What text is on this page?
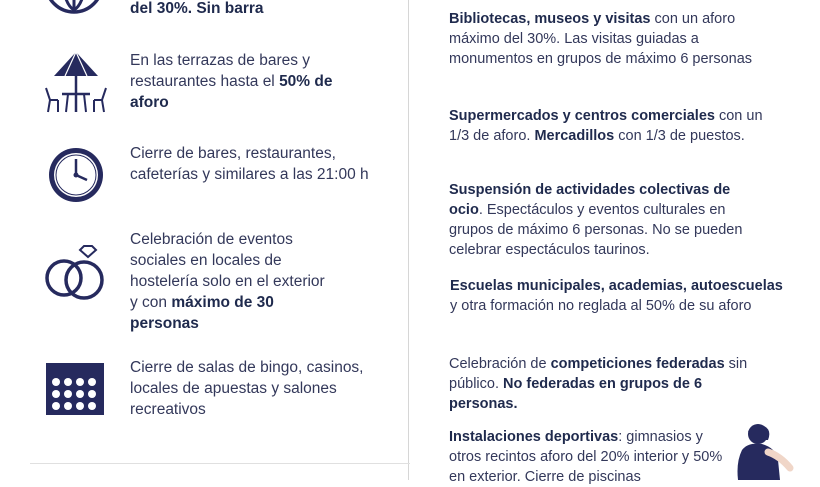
del 30%. Sin barra
En las terrazas de bares y restaurantes hasta el 50% de aforo
Cierre de bares, restaurantes, cafeterías y similares a las 21:00 h
Celebración de eventos sociales en locales de hostelería solo en el exterior y con máximo de 30 personas
Cierre de salas de bingo, casinos, locales de apuestas y salones recreativos
Bibliotecas, museos y visitas con un aforo máximo del 30%. Las visitas guiadas a monumentos en grupos de máximo 6 personas
Supermercados y centros comerciales con un 1/3 de aforo. Mercadillos con 1/3 de puestos.
Suspensión de actividades colectivas de ocio. Espectáculos y eventos culturales en grupos de máximo 6 personas. No se pueden celebrar espectáculos taurinos.
Escuelas municipales, academias, autoescuelas y otra formación no reglada al 50% de su aforo
Celebración de competiciones federadas sin público. No federadas en grupos de 6 personas.
Instalaciones deportivas: gimnasios y otros recintos aforo del 20% interior y 50% en exterior. Cierre de piscinas
